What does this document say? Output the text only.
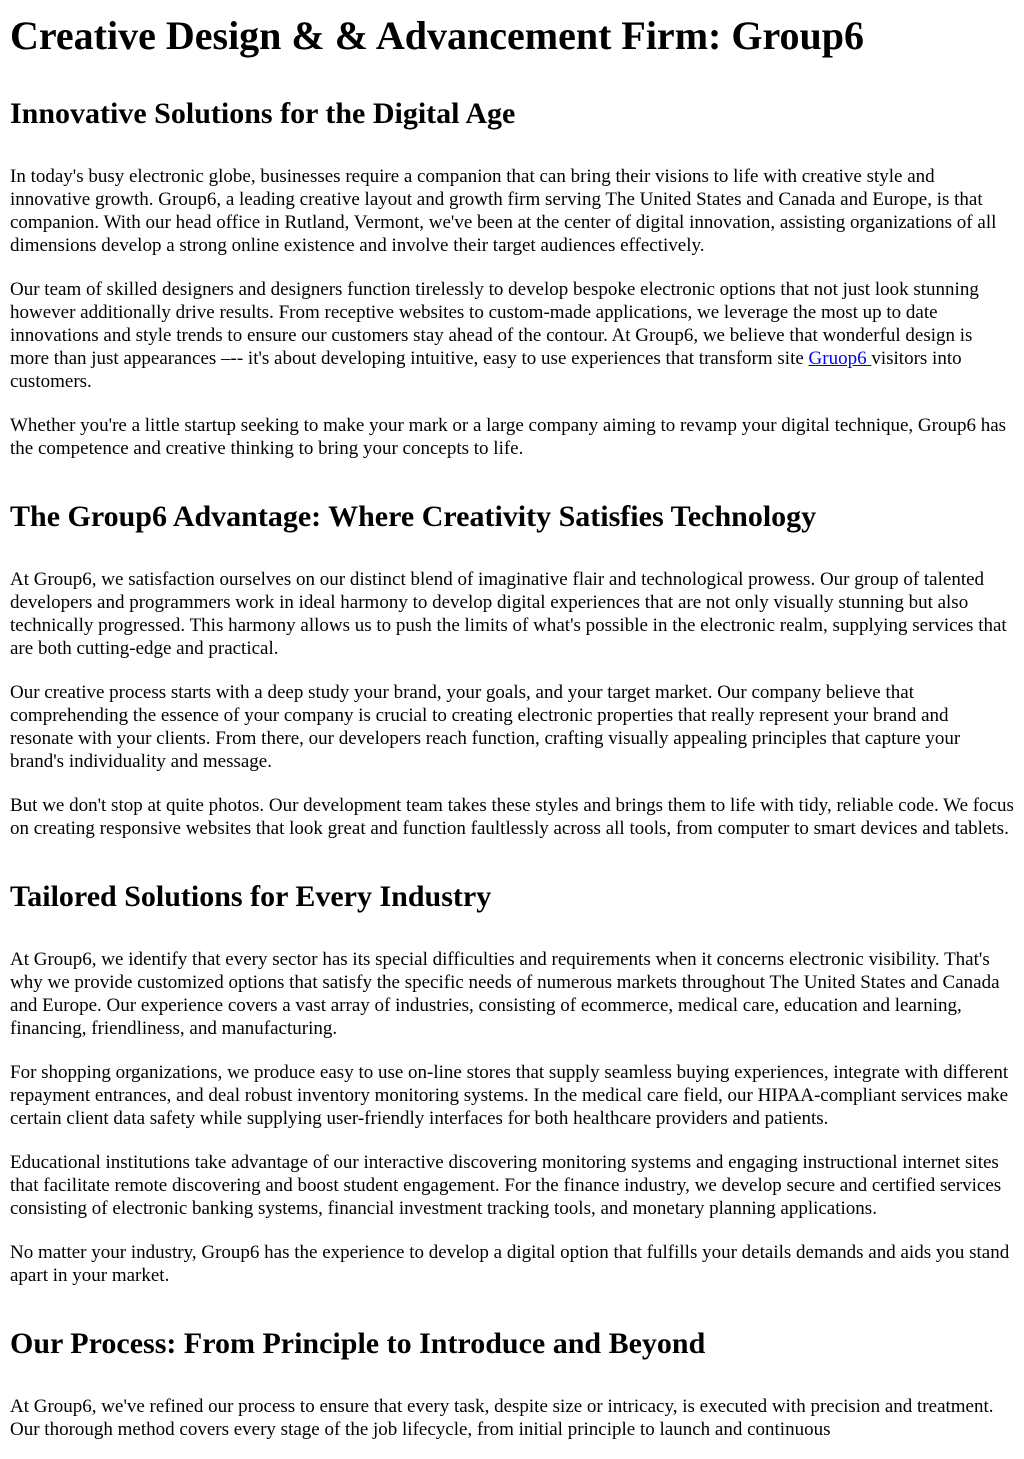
Creative Design & & Advancement Firm: Group6
Innovative Solutions for the Digital Age

In today's busy electronic globe, businesses require a companion that can bring their visions to life with creative style and innovative growth. Group6, a leading creative layout and growth firm serving The United States and Canada and Europe, is that companion. With our head office in Rutland, Vermont, we've been at the center of digital innovation, assisting organizations of all dimensions develop a strong online existence and involve their target audiences effectively.

Our team of skilled designers and designers function tirelessly to develop bespoke electronic options that not just look stunning however additionally drive results. From receptive websites to custom-made applications, we leverage the most up to date innovations and style trends to ensure our customers stay ahead of the contour. At Group6, we believe that wonderful design is more than just appearances –-- it's about developing intuitive, easy to use experiences that transform site Gruop6 visitors into customers.

Whether you're a little startup seeking to make your mark or a large company aiming to revamp your digital technique, Group6 has the competence and creative thinking to bring your concepts to life.

The Group6 Advantage: Where Creativity Satisfies Technology

At Group6, we satisfaction ourselves on our distinct blend of imaginative flair and technological prowess. Our group of talented developers and programmers work in ideal harmony to develop digital experiences that are not only visually stunning but also technically progressed. This harmony allows us to push the limits of what's possible in the electronic realm, supplying services that are both cutting-edge and practical.

Our creative process starts with a deep study your brand, your goals, and your target market. Our company believe that comprehending the essence of your company is crucial to creating electronic properties that really represent your brand and resonate with your clients. From there, our developers reach function, crafting visually appealing principles that capture your brand's individuality and message.

But we don't stop at quite photos. Our development team takes these styles and brings them to life with tidy, reliable code. We focus on creating responsive websites that look great and function faultlessly across all tools, from computer to smart devices and tablets.

Tailored Solutions for Every Industry

At Group6, we identify that every sector has its special difficulties and requirements when it concerns electronic visibility. That's why we provide customized options that satisfy the specific needs of numerous markets throughout The United States and Canada and Europe. Our experience covers a vast array of industries, consisting of ecommerce, medical care, education and learning, financing, friendliness, and manufacturing.

For shopping organizations, we produce easy to use on-line stores that supply seamless buying experiences, integrate with different repayment entrances, and deal robust inventory monitoring systems. In the medical care field, our HIPAA-compliant services make certain client data safety while supplying user-friendly interfaces for both healthcare providers and patients.

Educational institutions take advantage of our interactive discovering monitoring systems and engaging instructional internet sites that facilitate remote discovering and boost student engagement. For the finance industry, we develop secure and certified services consisting of electronic banking systems, financial investment tracking tools, and monetary planning applications.

No matter your industry, Group6 has the experience to develop a digital option that fulfills your details demands and aids you stand apart in your market.

Our Process: From Principle to Introduce and Beyond

At Group6, we've refined our process to ensure that every task, despite size or intricacy, is executed with precision and treatment. Our thorough method covers every stage of the job lifecycle, from initial principle to launch and continuous
